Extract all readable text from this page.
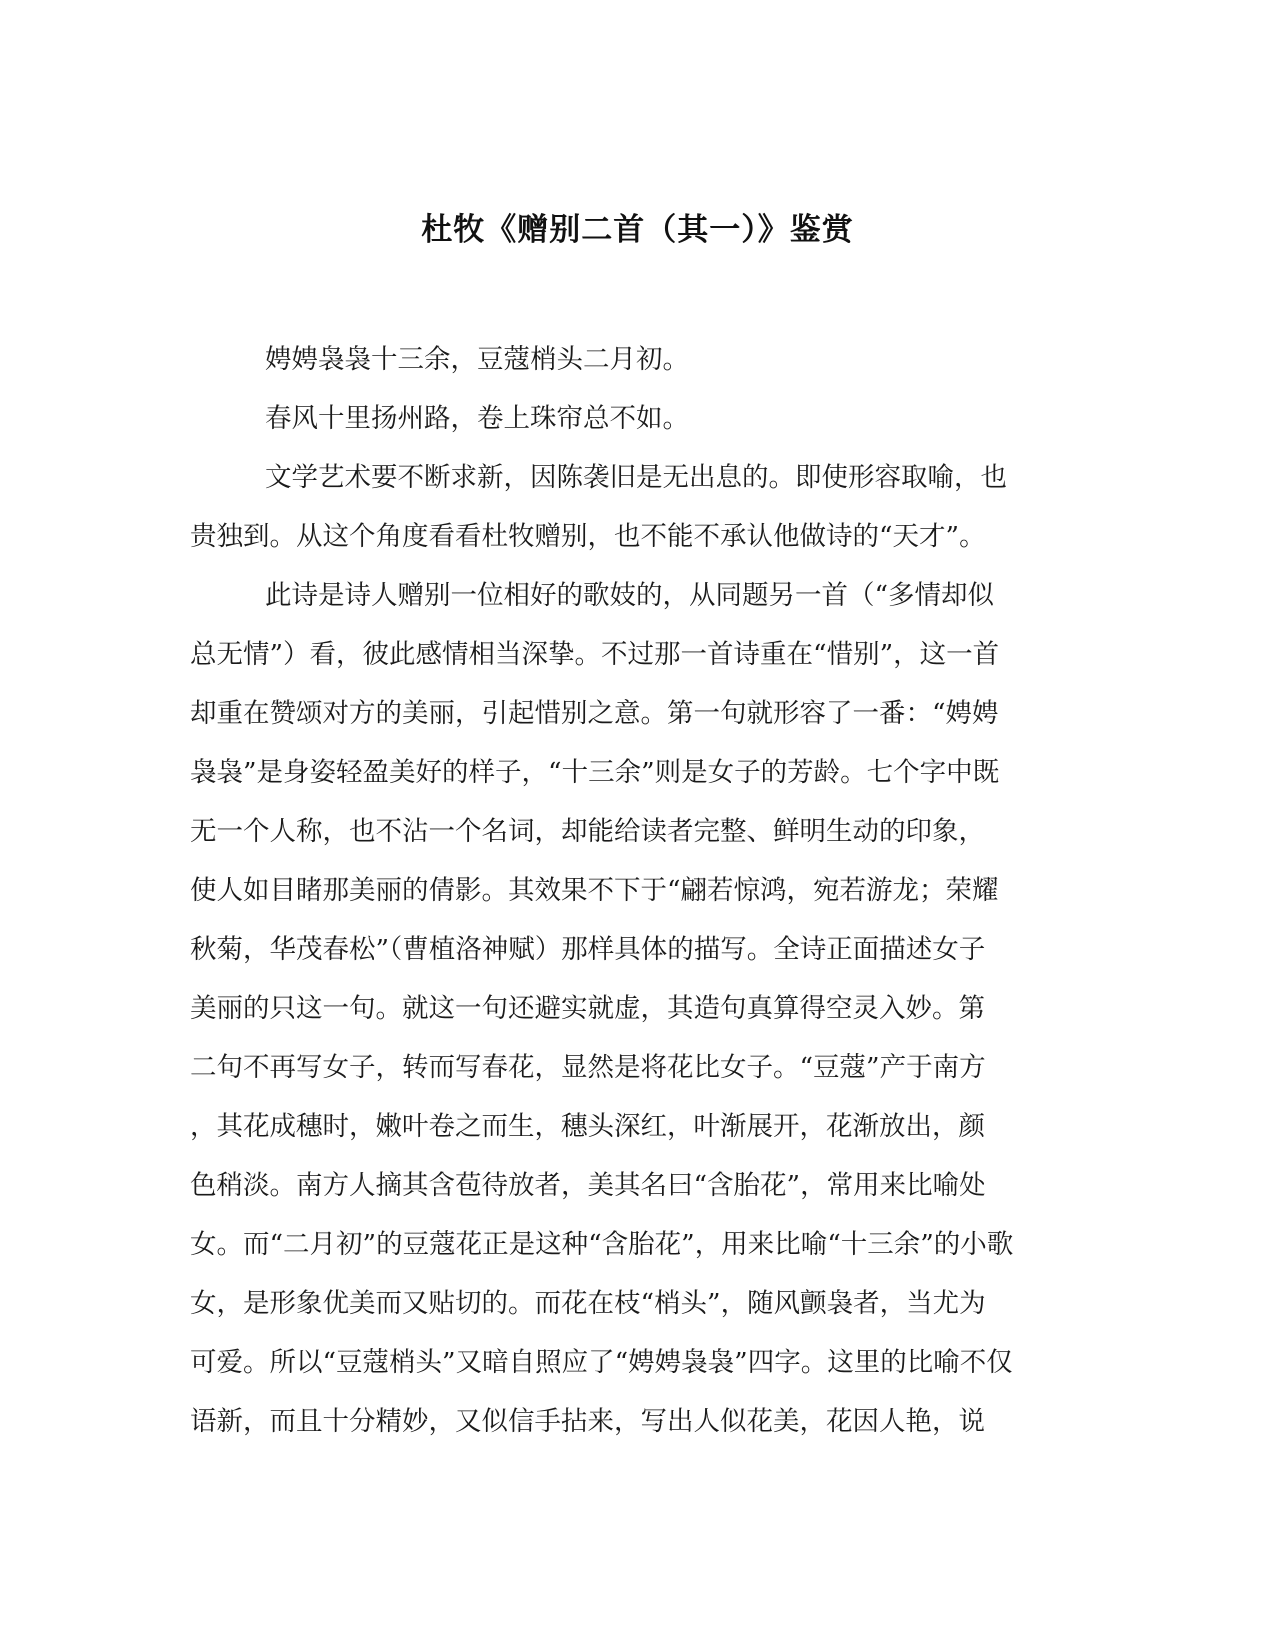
杜牧《赠别二首（其一）》鉴赏
娉娉袅袅十三余，豆蔻梢头二月初。
春风十里扬州路，卷上珠帘总不如。
文学艺术要不断求新，因陈袭旧是无出息的。即使形容取喻，也
贵独到。从这个角度看看杜牧赠别，也不能不承认他做诗的“天才”。
此诗是诗人赠别一位相好的歌妓的，从同题另一首（“多情却似
总无情”）看，彼此感情相当深挚。不过那一首诗重在“惜别”，这一首
却重在赞颂对方的美丽，引起惜别之意。第一句就形容了一番：“娉娉
袅袅”是身姿轻盈美好的样子，“十三余”则是女子的芳龄。七个字中既
无一个人称，也不沾一个名词，却能给读者完整、鲜明生动的印象，
使人如目睹那美丽的倩影。其效果不下于“翩若惊鸿，宛若游龙；荣耀
秋菊，华茂春松”（曹植洛神赋）那样具体的描写。全诗正面描述女子
美丽的只这一句。就这一句还避实就虚，其造句真算得空灵入妙。第
二句不再写女子，转而写春花，显然是将花比女子。“豆蔻”产于南方
，其花成穗时，嫩叶卷之而生，穗头深红，叶渐展开，花渐放出，颜
色稍淡。南方人摘其含苞待放者，美其名曰“含胎花”，常用来比喻处
女。而“二月初”的豆蔻花正是这种“含胎花”，用来比喻“十三余”的小歌
女，是形象优美而又贴切的。而花在枝“梢头”，随风颤袅者，当尤为
可爱。所以“豆蔻梢头”又暗自照应了“娉娉袅袅”四字。这里的比喻不仅
语新，而且十分精妙，又似信手拈来，写出人似花美，花因人艳，说
